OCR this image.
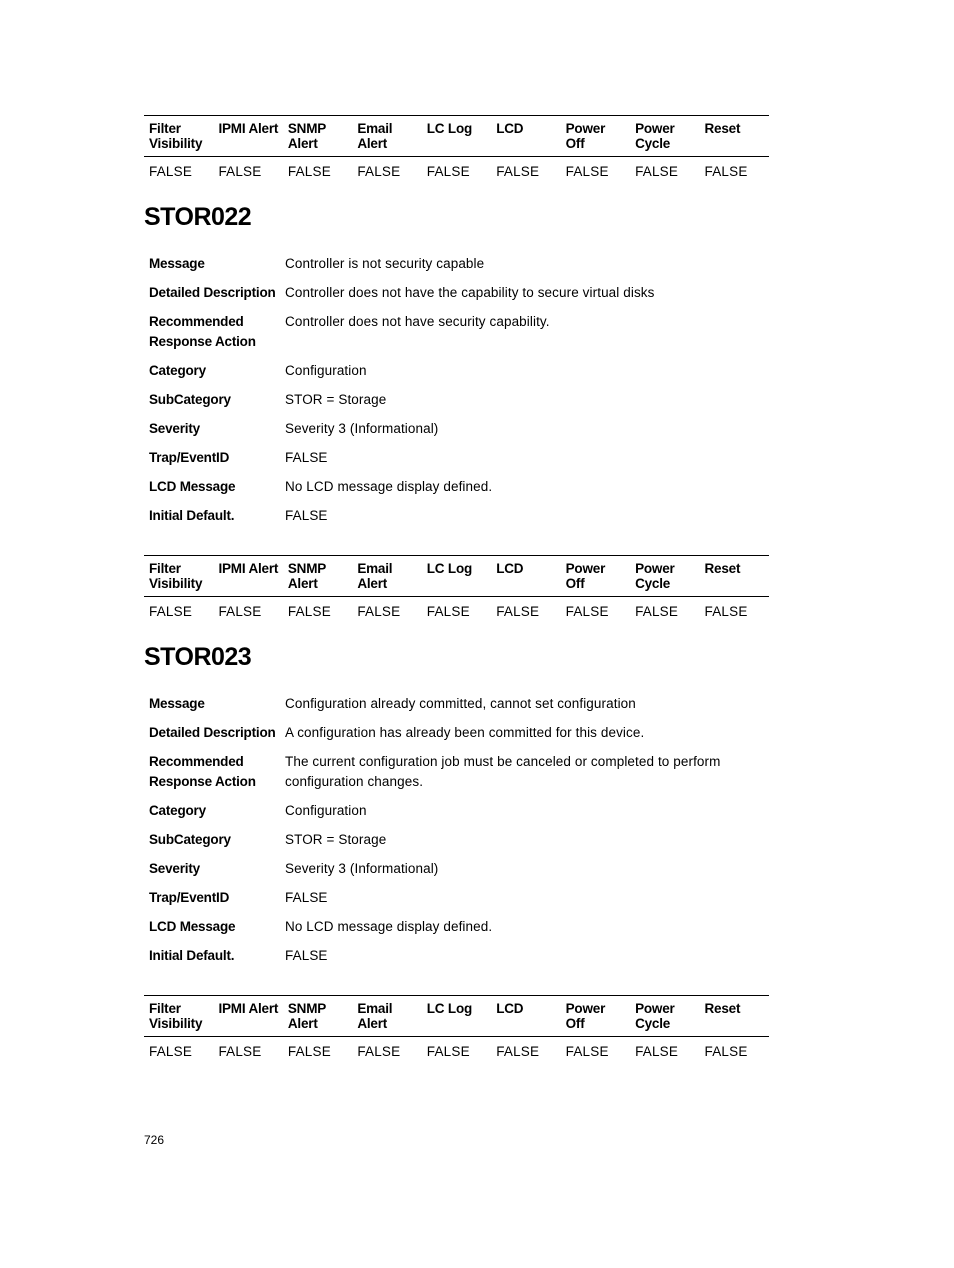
Filter Visibility	IPMI Alert	SNMP Alert	Email Alert	LC Log	LCD	Power Off	Power Cycle	Reset
FALSE	FALSE	FALSE	FALSE	FALSE	FALSE	FALSE	FALSE	FALSE
STOR022
Message	Controller is not security capable
Detailed Description	Controller does not have the capability to secure virtual disks
Recommended Response Action	Controller does not have security capability.
Category	Configuration
SubCategory	STOR = Storage
Severity	Severity 3 (Informational)
Trap/EventID	FALSE
LCD Message	No LCD message display defined.
Initial Default.	FALSE
Filter Visibility	IPMI Alert	SNMP Alert	Email Alert	LC Log	LCD	Power Off	Power Cycle	Reset
FALSE	FALSE	FALSE	FALSE	FALSE	FALSE	FALSE	FALSE	FALSE
STOR023
Message	Configuration already committed, cannot set configuration
Detailed Description	A configuration has already been committed for this device.
Recommended Response Action	The current configuration job must be canceled or completed to perform configuration changes.
Category	Configuration
SubCategory	STOR = Storage
Severity	Severity 3 (Informational)
Trap/EventID	FALSE
LCD Message	No LCD message display defined.
Initial Default.	FALSE
Filter Visibility	IPMI Alert	SNMP Alert	Email Alert	LC Log	LCD	Power Off	Power Cycle	Reset
FALSE	FALSE	FALSE	FALSE	FALSE	FALSE	FALSE	FALSE	FALSE
726
